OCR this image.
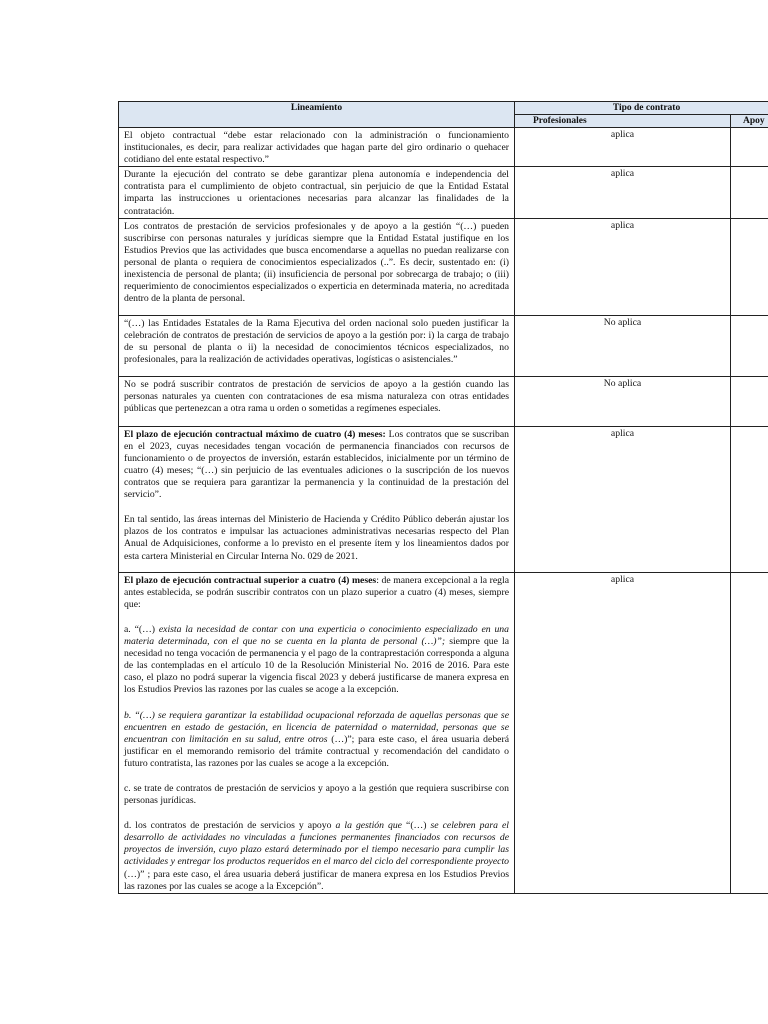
Lineamiento	Tipo de contrato	
	Profesionales	Apoy

El objeto contractual “debe estar relacionado con la administración o funcionamiento institucionales, es decir, para realizar actividades que hagan parte del giro ordinario o quehacer cotidiano del ente estatal respectivo.”	aplica	

Durante la ejecución del contrato se debe garantizar plena autonomía e independencia del contratista para el cumplimiento de objeto contractual, sin perjuicio de que la Entidad Estatal imparta las instrucciones u orientaciones necesarias para alcanzar las finalidades de la contratación.	aplica	

Los contratos de prestación de servicios profesionales y de apoyo a la gestión “(…) pueden suscribirse con personas naturales y jurídicas siempre que la Entidad Estatal justifique en los Estudios Previos que las actividades que busca encomendarse a aquellas no puedan realizarse con personal de planta o requiera de conocimientos especializados (..”. Es decir, sustentado en: (i) inexistencia de personal de planta; (ii) insuficiencia de personal por sobrecarga de trabajo; o (iii) requerimiento de conocimientos especializados o experticia en determinada materia, no acreditada dentro de la planta de personal.	aplica	

“(…) las Entidades Estatales de la Rama Ejecutiva del orden nacional solo pueden justificar la celebración de contratos de prestación de servicios de apoyo a la gestión por: i) la carga de trabajo de su personal de planta o ii) la necesidad de conocimientos técnicos especializados, no profesionales, para la realización de actividades operativas, logísticas o asistenciales.”	No aplica	

No se podrá suscribir contratos de prestación de servicios de apoyo a la gestión cuando las personas naturales ya cuenten con contrataciones de esa misma naturaleza con otras entidades públicas que pertenezcan a otra rama u orden o sometidas a regímenes especiales.	No aplica	

El plazo de ejecución contractual máximo de cuatro (4) meses: Los contratos que se suscriban en el 2023, cuyas necesidades tengan vocación de permanencia financiados con recursos de funcionamiento o de proyectos de inversión, estarán establecidos, inicialmente por un término de cuatro (4) meses; “(…) sin perjuicio de las eventuales adiciones o la suscripción de los nuevos contratos que se requiera para garantizar la permanencia y la continuidad de la prestación del servicio”.

En tal sentido, las áreas internas del Ministerio de Hacienda y Crédito Público deberán ajustar los plazos de los contratos e impulsar las actuaciones administrativas necesarias respecto del Plan Anual de Adquisiciones, conforme a lo previsto en el presente ítem y los lineamientos dados por esta cartera Ministerial en Circular Interna No. 029 de 2021.	aplica	

El plazo de ejecución contractual superior a cuatro (4) meses: de manera excepcional a la regla antes establecida, se podrán suscribir contratos con un plazo superior a cuatro (4) meses, siempre que:

a. “(…) exista la necesidad de contar con una experticia o conocimiento especializado en una materia determinada, con el que no se cuenta en la planta de personal (…)”; siempre que la necesidad no tenga vocación de permanencia y el pago de la contraprestación corresponda a alguna de las contempladas en el artículo 10 de la Resolución Ministerial No. 2016 de 2016. Para este caso, el plazo no podrá superar la vigencia fiscal 2023 y deberá justificarse de manera expresa en los Estudios Previos las razones por las cuales se acoge a la excepción.

b. “(…) se requiera garantizar la estabilidad ocupacional reforzada de aquellas personas que se encuentren en estado de gestación, en licencia de paternidad o maternidad, personas que se encuentran con limitación en su salud, entre otros (…)”; para este caso, el área usuaria deberá justificar en el memorando remisorio del trámite contractual y recomendación del candidato o futuro contratista, las razones por las cuales se acoge a la excepción.

c. se trate de contratos de prestación de servicios y apoyo a la gestión que requiera suscribirse con personas jurídicas.

d. los contratos de prestación de servicios y apoyo a la gestión que “(…) se celebren para el desarrollo de actividades no vinculadas a funciones permanentes financiados con recursos de proyectos de inversión, cuyo plazo estará determinado por el tiempo necesario para cumplir las actividades y entregar los productos requeridos en el marco del ciclo del correspondiente proyecto (…)” ; para este caso, el área usuaria deberá justificar de manera expresa en los Estudios Previos las razones por las cuales se acoge a la Excepción”.	aplica	
